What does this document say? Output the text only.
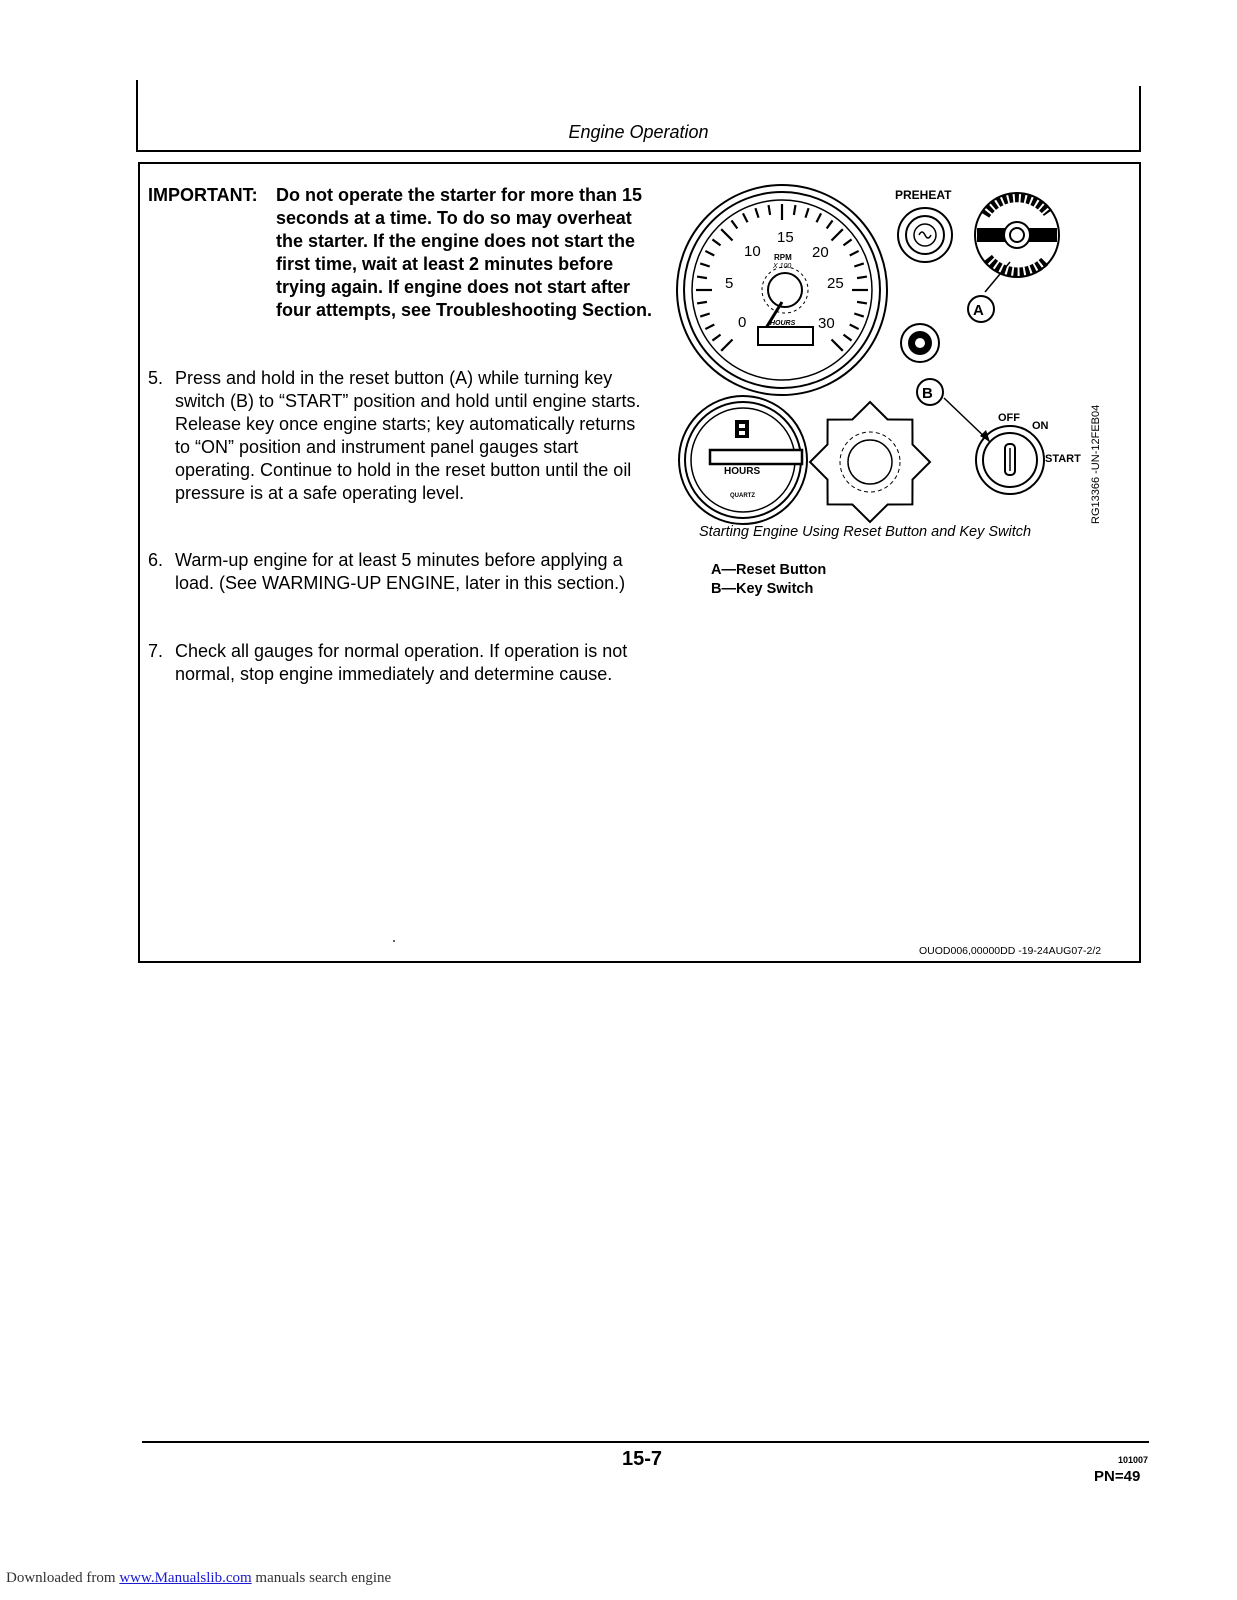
Engine Operation
IMPORTANT: Do not operate the starter for more than 15 seconds at a time. To do so may overheat the starter. If the engine does not start the first time, wait at least 2 minutes before trying again. If engine does not start after four attempts, see Troubleshooting Section.
5. Press and hold in the reset button (A) while turning key switch (B) to “START” position and hold until engine starts. Release key once engine starts; key automatically returns to “ON” position and instrument panel gauges start operating. Continue to hold in the reset button until the oil pressure is at a safe operating level.
6. Warm-up engine for at least 5 minutes before applying a load. (See WARMING-UP ENGINE, later in this section.)
7. Check all gauges for normal operation. If operation is not normal, stop engine immediately and determine cause.
0
5
10
15
20
25
30
RPM
X 100
HOURS
PREHEAT
A
HOURS
QUARTZ
B
OFF
ON
START RG13366 -UN-12FEB04
Starting Engine Using Reset Button and Key Switch
A—Reset Button
B—Key Switch
OUOD006,00000DD -19-24AUG07-2/2
15-7	101007
PN=49
Downloaded from www.Manualslib.com manuals search engine
